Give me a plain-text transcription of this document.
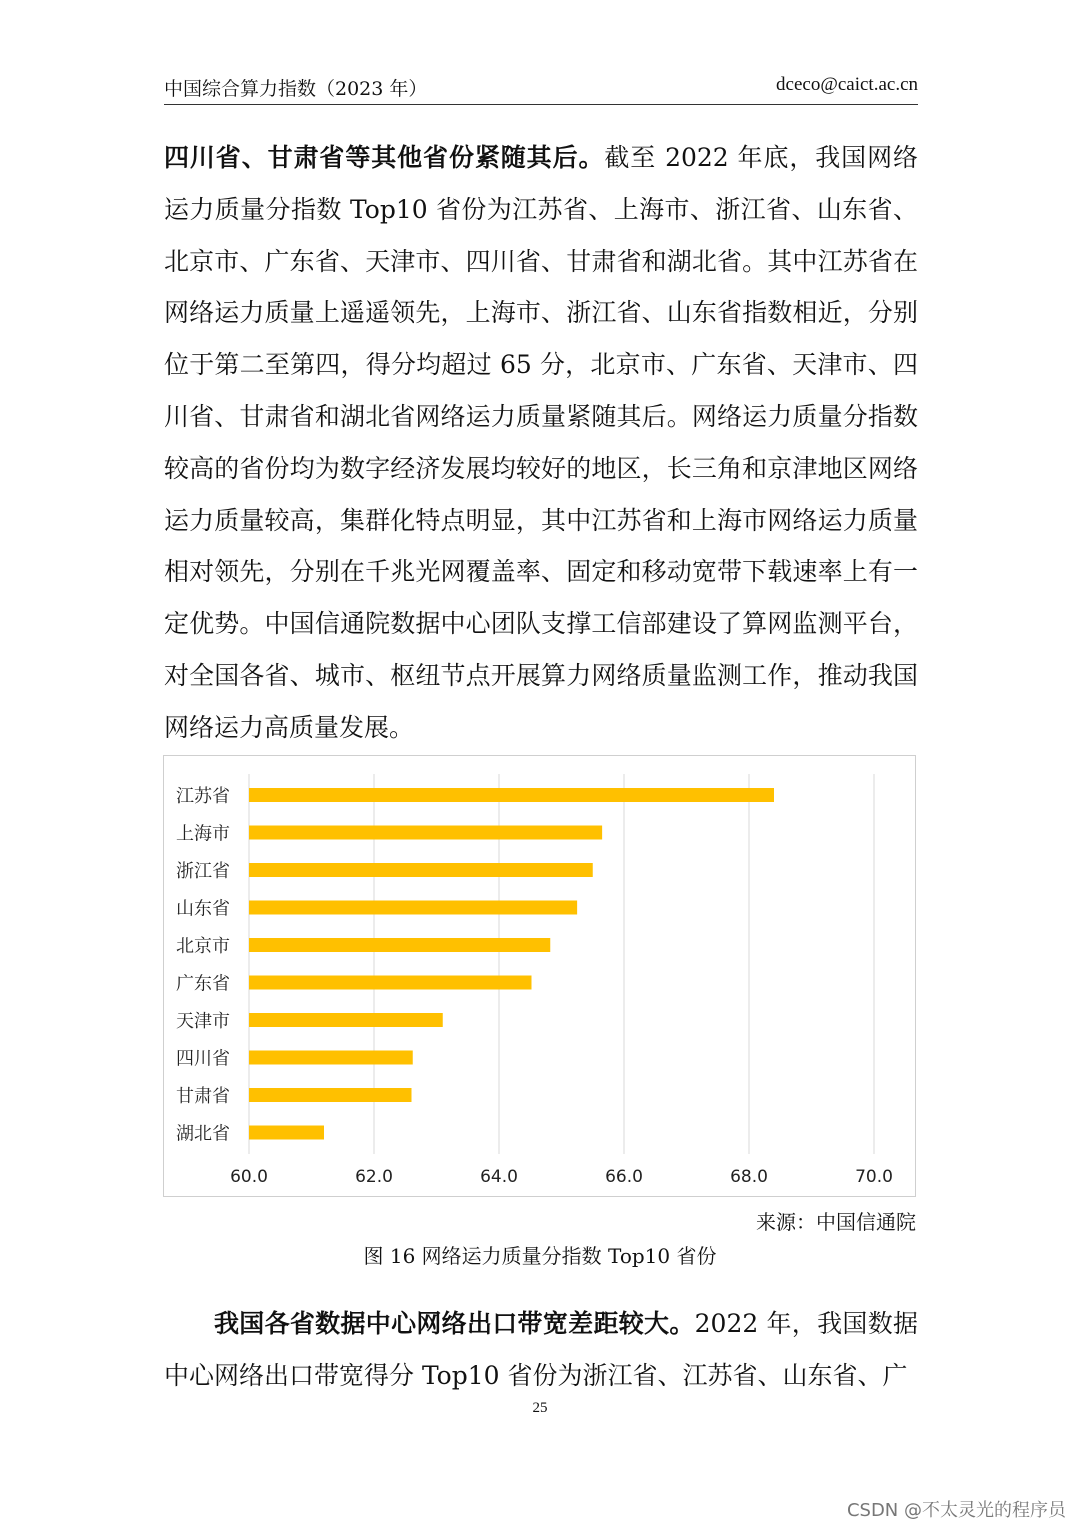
中国综合算力指数（2023 年）	dceco@caict.ac.cn
四川省、甘肃省等其他省份紧随其后。截至 2022 年底，我国网络运力质量分指数 Top10 省份为江苏省、上海市、浙江省、山东省、北京市、广东省、天津市、四川省、甘肃省和湖北省。其中江苏省在网络运力质量上遥遥领先，上海市、浙江省、山东省指数相近，分别位于第二至第四，得分均超过 65 分，北京市、广东省、天津市、四川省、甘肃省和湖北省网络运力质量紧随其后。网络运力质量分指数较高的省份均为数字经济发展均较好的地区，长三角和京津地区网络运力质量较高，集群化特点明显，其中江苏省和上海市网络运力质量相对领先，分别在千兆光网覆盖率、固定和移动宽带下载速率上有一定优势。中国信通院数据中心团队支撑工信部建设了算网监测平台，对全国各省、城市、枢纽节点开展算力网络质量监测工作，推动我国网络运力高质量发展。
60.0	62.0	64.0	66.0	68.0	70.0
江苏省
上海市
浙江省
山东省
北京市
广东省
天津市
四川省
甘肃省
湖北省
来源：中国信通院
图 16 网络运力质量分指数 Top10 省份
我国各省数据中心网络出口带宽差距较大。2022 年，我国数据中心网络出口带宽得分 Top10 省份为浙江省、江苏省、山东省、广
25
CSDN @不太灵光的程序员
